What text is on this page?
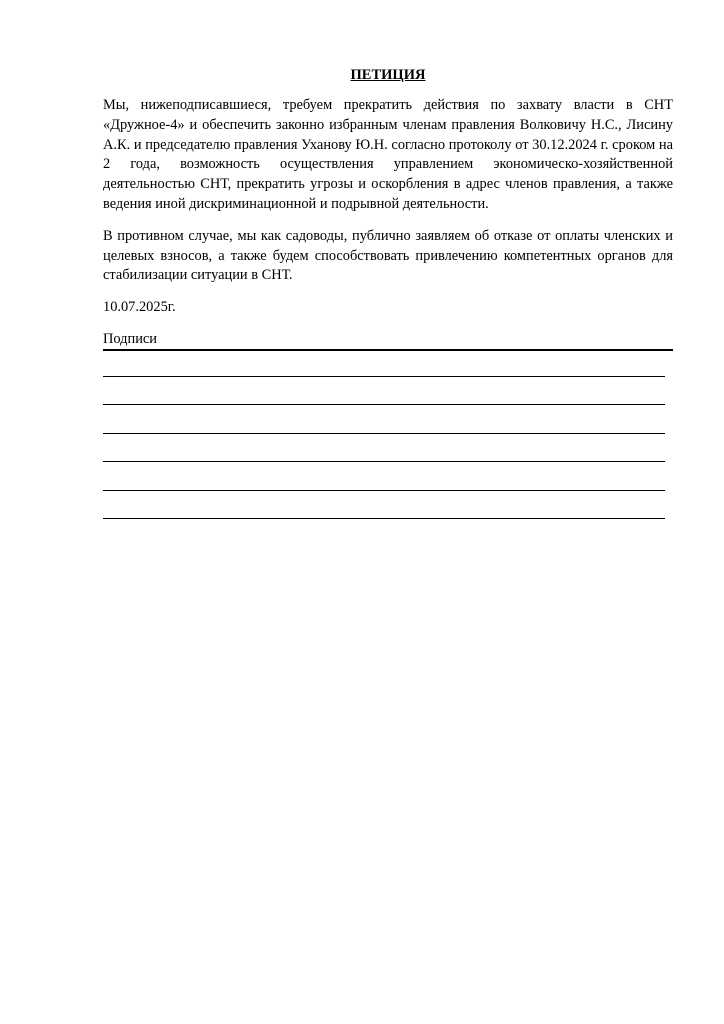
ПЕТИЦИЯ

Мы, нижеподписавшиеся, требуем прекратить действия по захвату власти в СНТ «Дружное-4» и обеспечить законно избранным членам правления Волковичу Н.С., Лисину А.К. и председателю правления Уханову Ю.Н. согласно протоколу от 30.12.2024 г. сроком на 2 года, возможность осуществления управлением экономическо-хозяйственной деятельностью СНТ, прекратить угрозы и оскорбления в адрес членов правления, а также ведения иной дискриминационной и подрывной деятельности.

В противном случае, мы как садоводы, публично заявляем об отказе от оплаты членских и целевых взносов, а также будем способствовать привлечению компетентных органов для стабилизации ситуации в СНТ.

10.07.2025г.
Подписи
